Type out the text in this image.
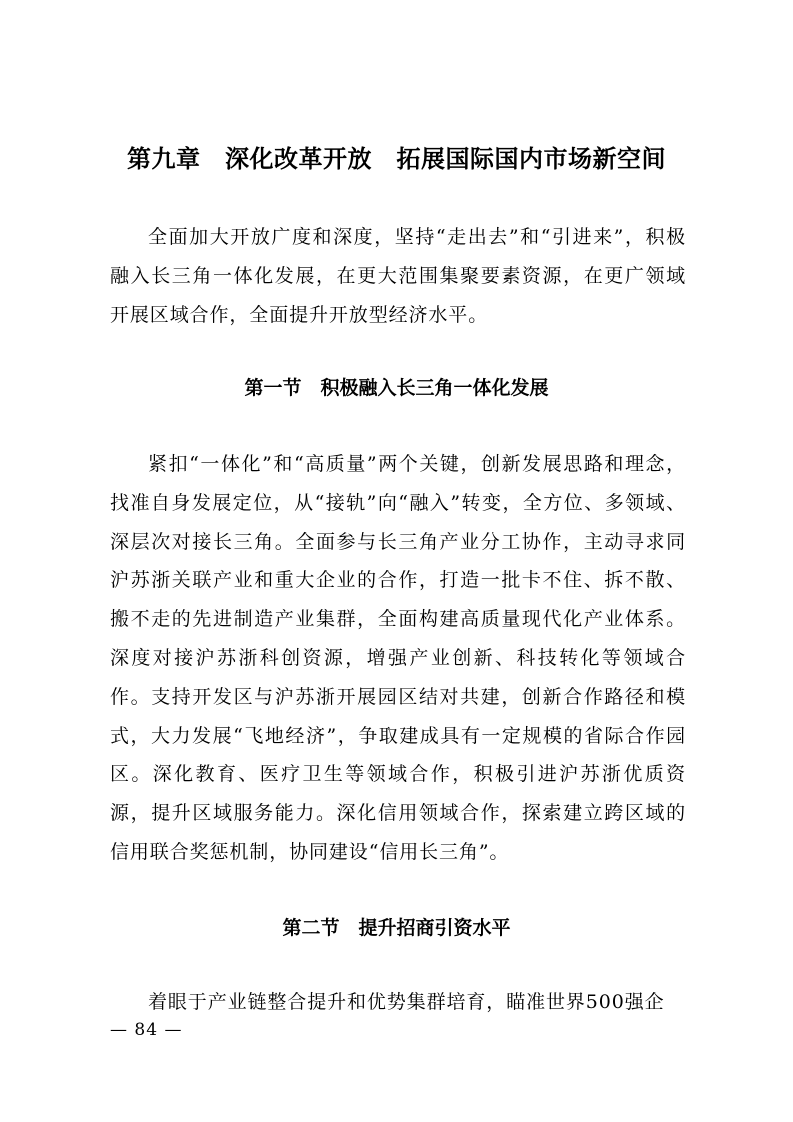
第九章　深化改革开放　拓展国际国内市场新空间

全面加大开放广度和深度，坚持“走出去”和“引进来”，积极融入长三角一体化发展，在更大范围集聚要素资源，在更广领域开展区域合作，全面提升开放型经济水平。

第一节　积极融入长三角一体化发展

紧扣“一体化”和“高质量”两个关键，创新发展思路和理念，找准自身发展定位，从“接轨”向“融入”转变，全方位、多领域、深层次对接长三角。全面参与长三角产业分工协作，主动寻求同沪苏浙关联产业和重大企业的合作，打造一批卡不住、拆不散、搬不走的先进制造产业集群，全面构建高质量现代化产业体系。深度对接沪苏浙科创资源，增强产业创新、科技转化等领域合作。支持开发区与沪苏浙开展园区结对共建，创新合作路径和模式，大力发展“飞地经济”，争取建成具有一定规模的省际合作园区。深化教育、医疗卫生等领域合作，积极引进沪苏浙优质资源，提升区域服务能力。深化信用领域合作，探索建立跨区域的信用联合奖惩机制，协同建设“信用长三角”。

第二节　提升招商引资水平

着眼于产业链整合提升和优势集群培育，瞄准世界500强企

— 84 —
